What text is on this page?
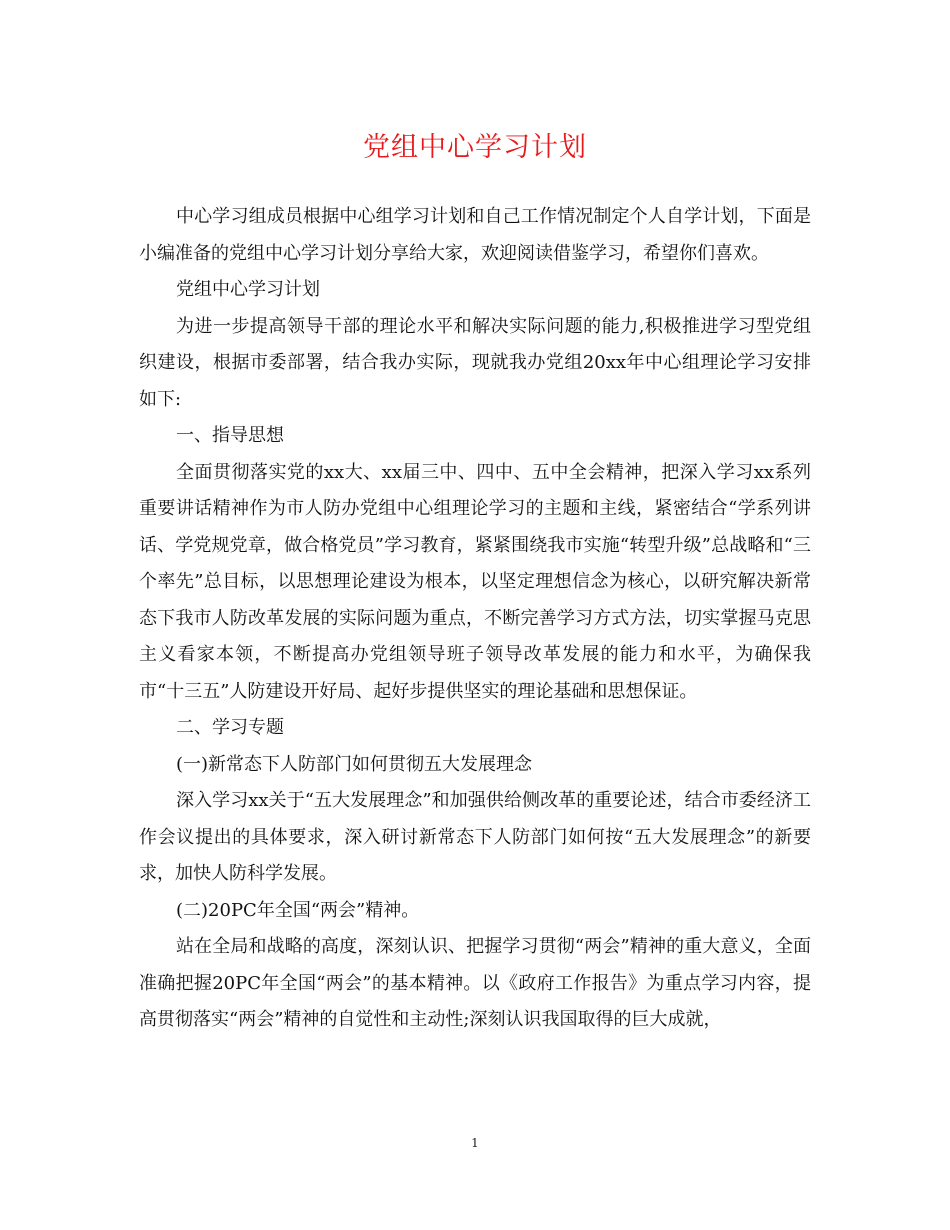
党组中心学习计划

中心学习组成员根据中心组学习计划和自己工作情况制定个人自学计划，下面是小编准备的党组中心学习计划分享给大家，欢迎阅读借鉴学习，希望你们喜欢。

党组中心学习计划

为进一步提高领导干部的理论水平和解决实际问题的能力,积极推进学习型党组织建设，根据市委部署，结合我办实际，现就我办党组20xx年中心组理论学习安排如下:

一、指导思想

全面贯彻落实党的xx大、xx届三中、四中、五中全会精神，把深入学习xx系列重要讲话精神作为市人防办党组中心组理论学习的主题和主线，紧密结合“学系列讲话、学党规党章，做合格党员”学习教育，紧紧围绕我市实施“转型升级”总战略和“三个率先”总目标，以思想理论建设为根本，以坚定理想信念为核心，以研究解决新常态下我市人防改革发展的实际问题为重点，不断完善学习方式方法，切实掌握马克思主义看家本领，不断提高办党组领导班子领导改革发展的能力和水平，为确保我市“十三五”人防建设开好局、起好步提供坚实的理论基础和思想保证。

二、学习专题

(一)新常态下人防部门如何贯彻五大发展理念

深入学习xx关于“五大发展理念”和加强供给侧改革的重要论述，结合市委经济工作会议提出的具体要求，深入研讨新常态下人防部门如何按“五大发展理念”的新要求，加快人防科学发展。

(二)20PC年全国“两会”精神。

站在全局和战略的高度，深刻认识、把握学习贯彻“两会”精神的重大意义，全面准确把握20PC年全国“两会”的基本精神。以《政府工作报告》为重点学习内容，提高贯彻落实“两会”精神的自觉性和主动性;深刻认识我国取得的巨大成就，

1
